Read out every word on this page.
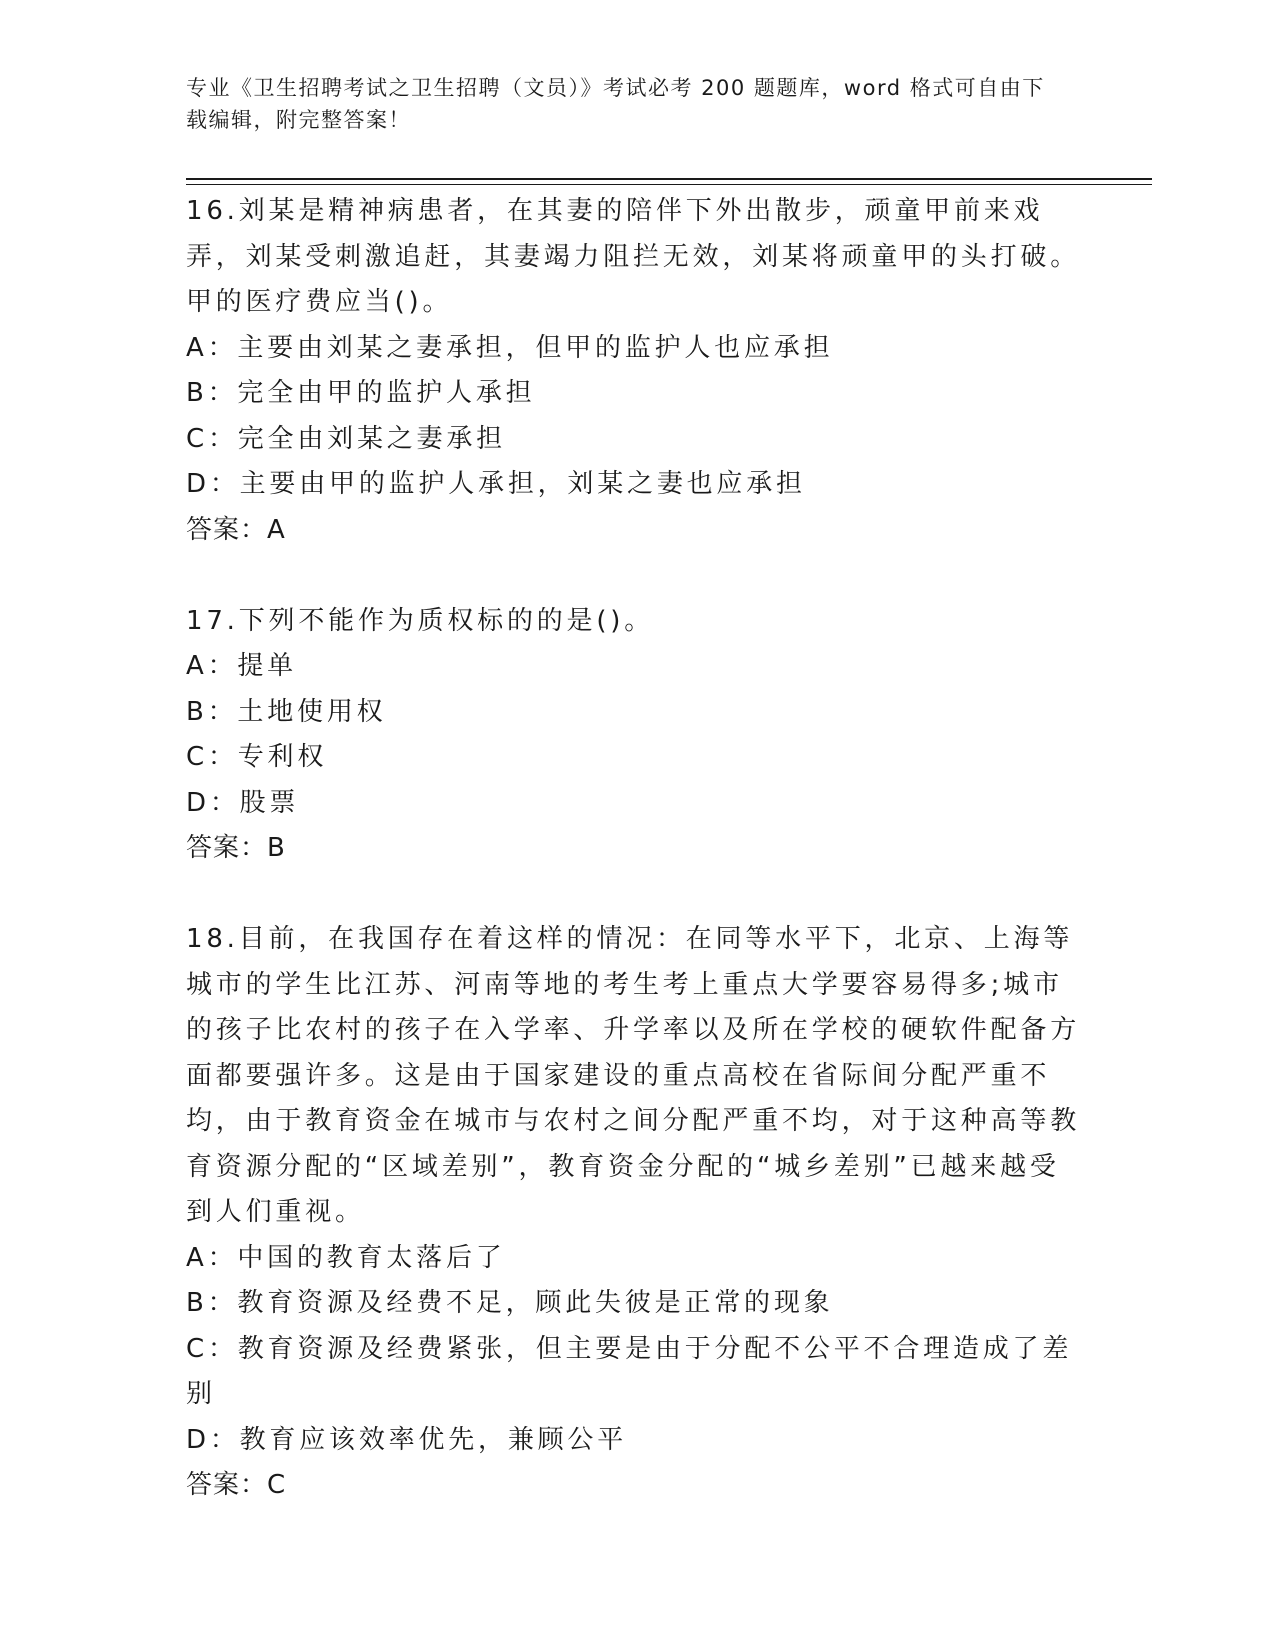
专业《卫生招聘考试之卫生招聘（文员）》考试必考 200 题题库，word 格式可自由下载编辑，附完整答案！
16.刘某是精神病患者，在其妻的陪伴下外出散步，顽童甲前来戏弄，刘某受刺激追赶，其妻竭力阻拦无效，刘某将顽童甲的头打破。甲的医疗费应当()。
A：主要由刘某之妻承担，但甲的监护人也应承担
B：完全由甲的监护人承担
C：完全由刘某之妻承担
D：主要由甲的监护人承担，刘某之妻也应承担
答案：A
17.下列不能作为质权标的的是()。
A：提单
B：土地使用权
C：专利权
D：股票
答案：B
18.目前，在我国存在着这样的情况：在同等水平下，北京、上海等城市的学生比江苏、河南等地的考生考上重点大学要容易得多;城市的孩子比农村的孩子在入学率、升学率以及所在学校的硬软件配备方面都要强许多。这是由于国家建设的重点高校在省际间分配严重不均，由于教育资金在城市与农村之间分配严重不均，对于这种高等教育资源分配的“区域差别”，教育资金分配的“城乡差别”已越来越受到人们重视。
A：中国的教育太落后了
B：教育资源及经费不足，顾此失彼是正常的现象
C：教育资源及经费紧张，但主要是由于分配不公平不合理造成了差别
D：教育应该效率优先，兼顾公平
答案：C
